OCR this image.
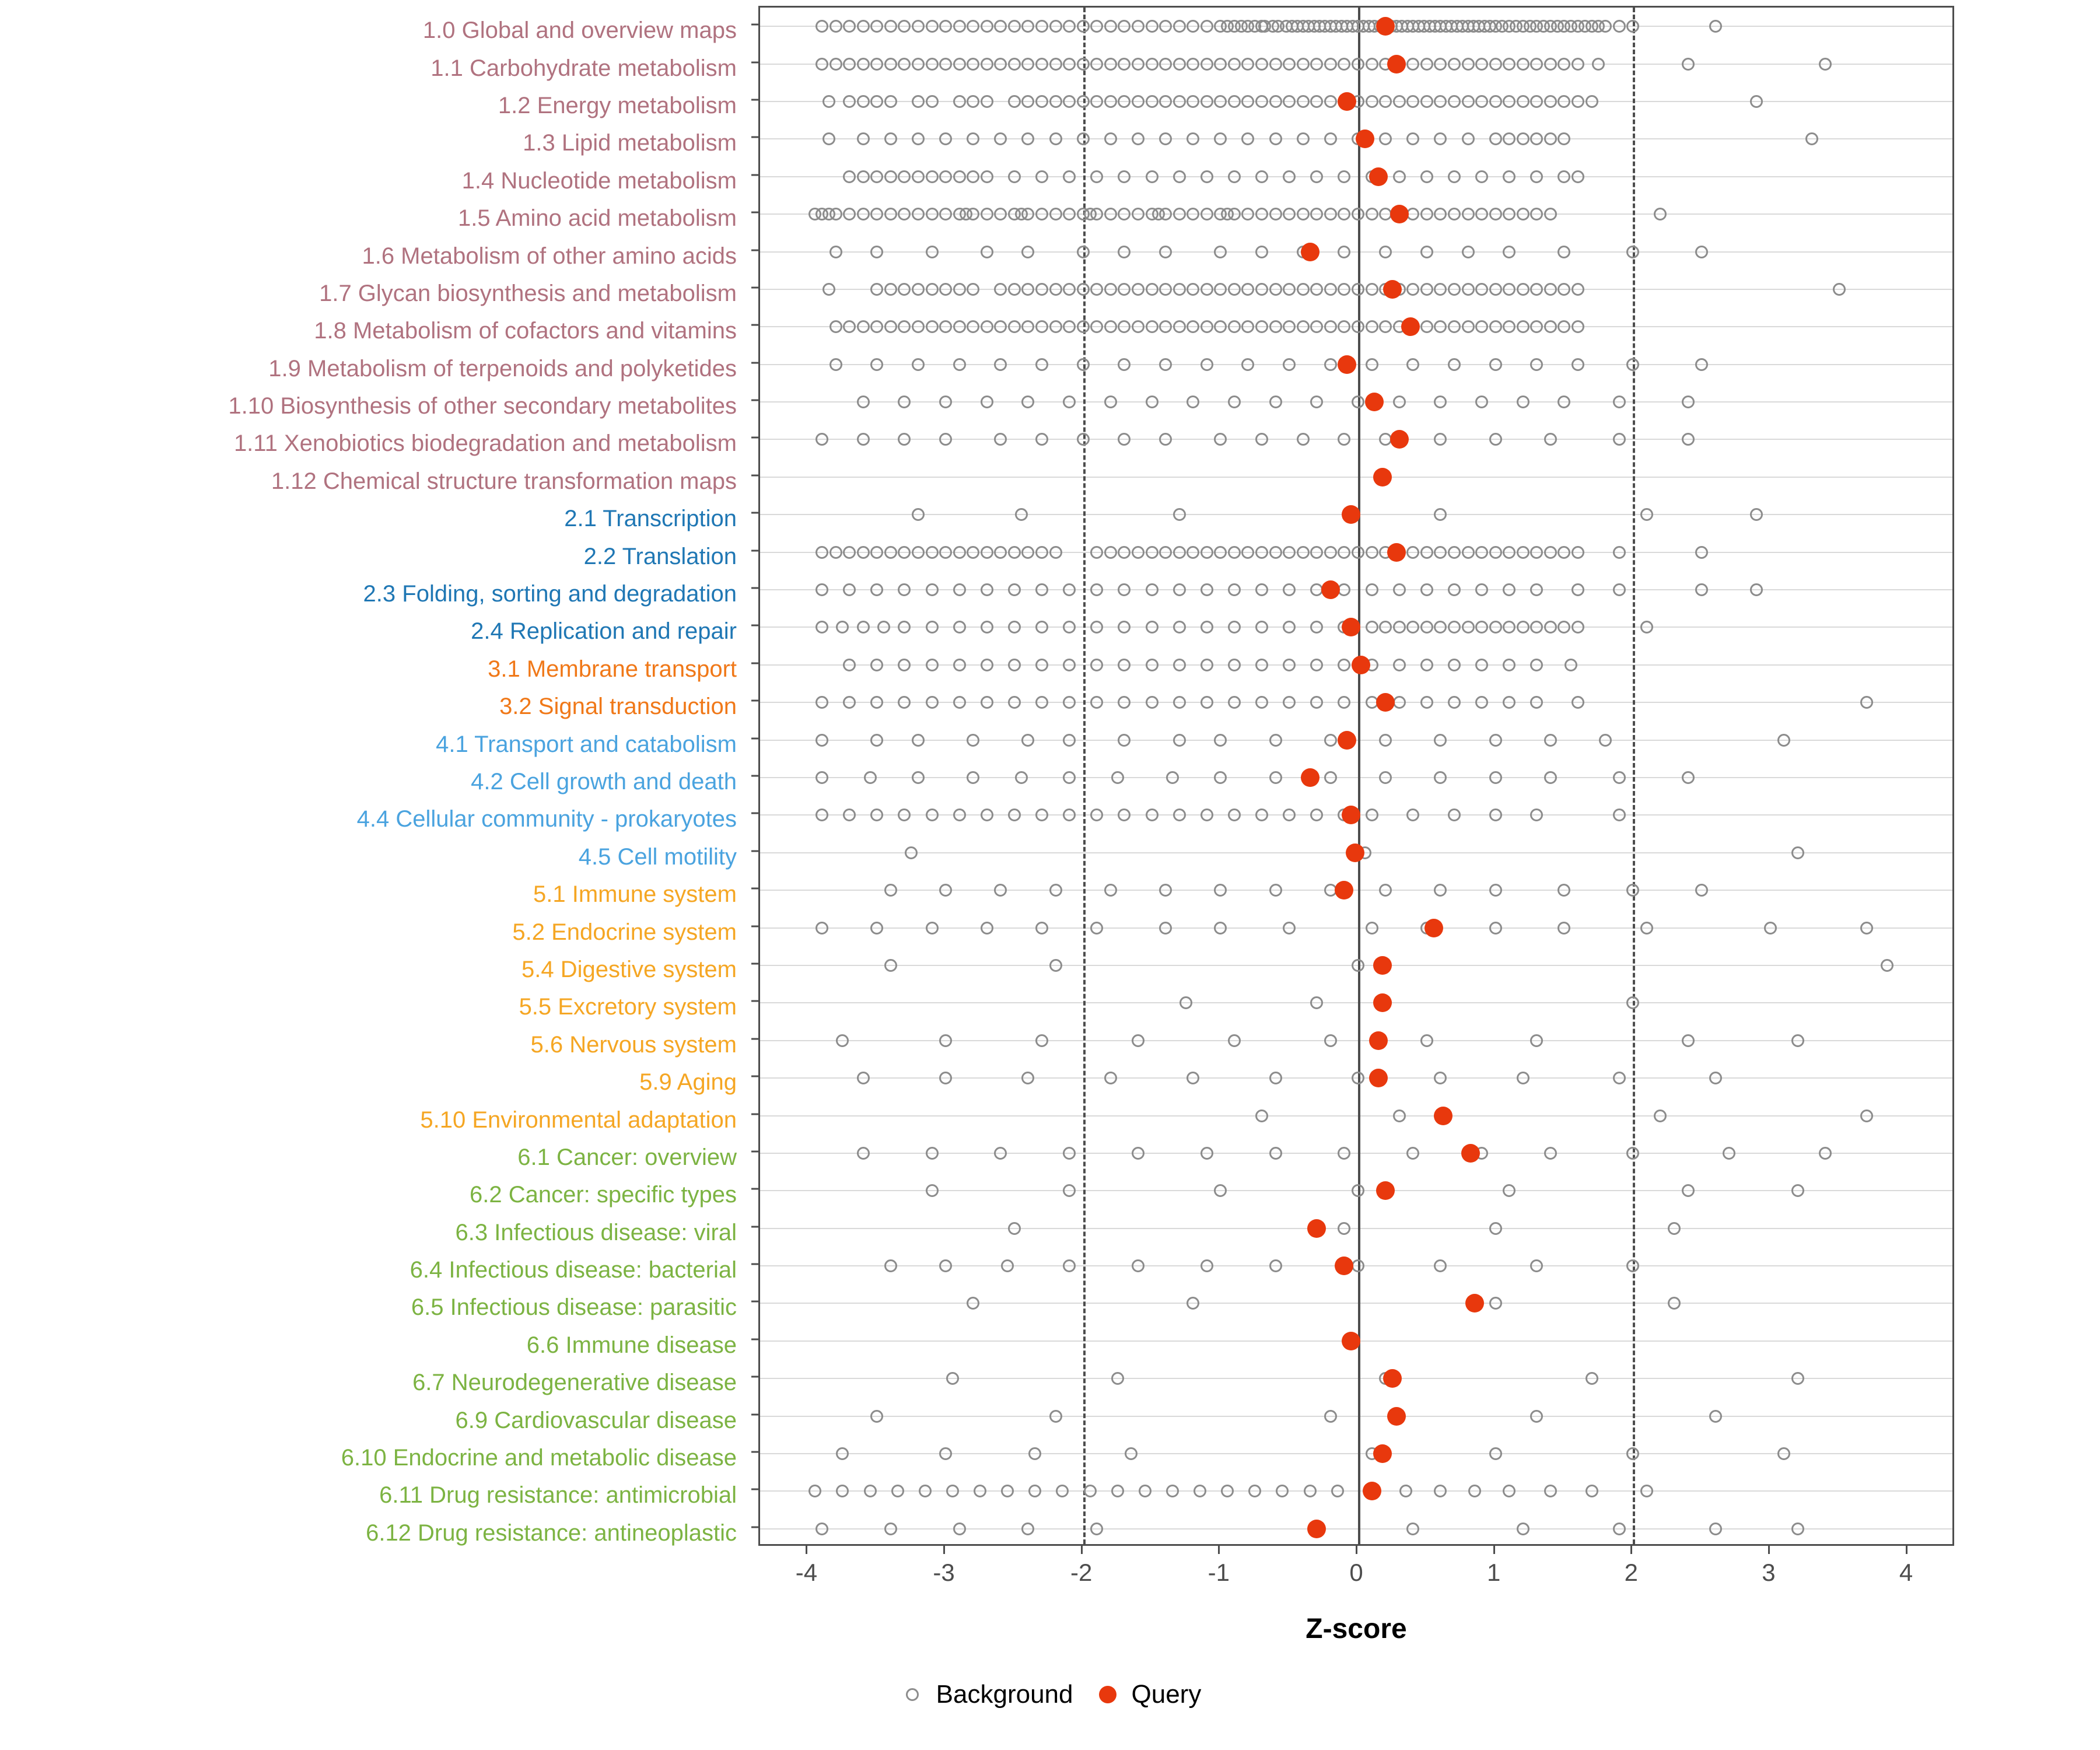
1.0 Global and overview maps
1.1 Carbohydrate metabolism
1.2 Energy metabolism
1.3 Lipid metabolism
1.4 Nucleotide metabolism
1.5 Amino acid metabolism
1.6 Metabolism of other amino acids
1.7 Glycan biosynthesis and metabolism
1.8 Metabolism of cofactors and vitamins
1.9 Metabolism of terpenoids and polyketides
1.10 Biosynthesis of other secondary metabolites
1.11 Xenobiotics biodegradation and metabolism
1.12 Chemical structure transformation maps
2.1 Transcription
2.2 Translation
2.3 Folding, sorting and degradation
2.4 Replication and repair
3.1 Membrane transport
3.2 Signal transduction
4.1 Transport and catabolism
4.2 Cell growth and death
4.4 Cellular community - prokaryotes
4.5 Cell motility
5.1 Immune system
5.2 Endocrine system
5.4 Digestive system
5.5 Excretory system
5.6 Nervous system
5.9 Aging
5.10 Environmental adaptation
6.1 Cancer: overview
6.2 Cancer: specific types
6.3 Infectious disease: viral
6.4 Infectious disease: bacterial
6.5 Infectious disease: parasitic
6.6 Immune disease
6.7 Neurodegenerative disease
6.9 Cardiovascular disease
6.10 Endocrine and metabolic disease
6.11 Drug resistance: antimicrobial
6.12 Drug resistance: antineoplastic
-4	-3	-2	-1	0	1	2	3	4
Z-score
Background Query
